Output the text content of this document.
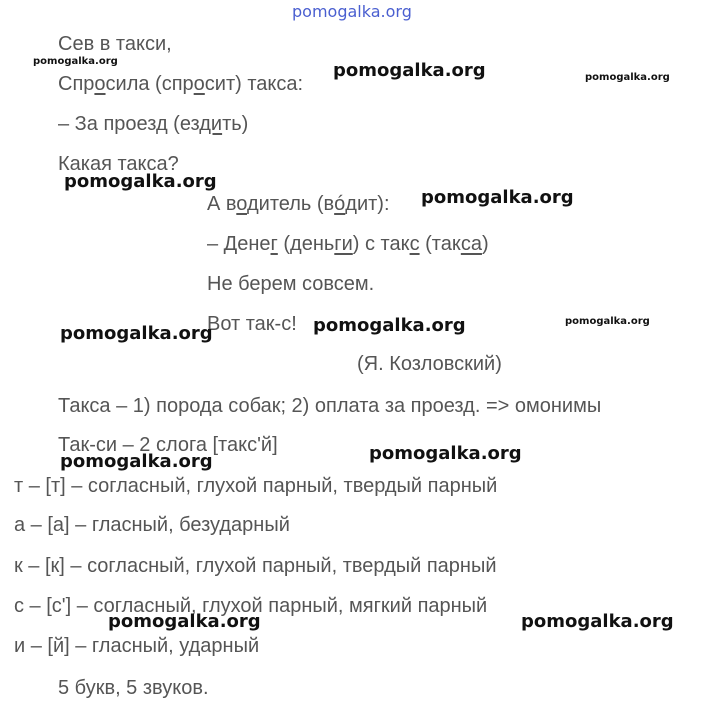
pomogalka.org
Сев в такси,
Спросила (спросит) такса:
– За проезд (ездить)
Какая такса?
А водитель (вóдит):
– Денег (деньги) с такс (такса)
Не берем совсем.
Вот так-с!
(Я. Козловский)
Такса – 1) порода собак; 2) оплата за проезд. => омонимы
Так-си – 2 слога [такс'й]
т – [т] – согласный, глухой парный, твердый парный
а – [а] – гласный, безударный
к – [к] – согласный, глухой парный, твердый парный
с – [с'] – согласный, глухой парный, мягкий парный
и – [й] – гласный, ударный
5 букв, 5 звуков.
pomogalka.org	pomogalka.org	pomogalka.org
pomogalka.org
pomogalka.org
pomogalka.org	pomogalka.org	pomogalka.org
pomogalka.org	pomogalka.org
pomogalka.org	pomogalka.org
